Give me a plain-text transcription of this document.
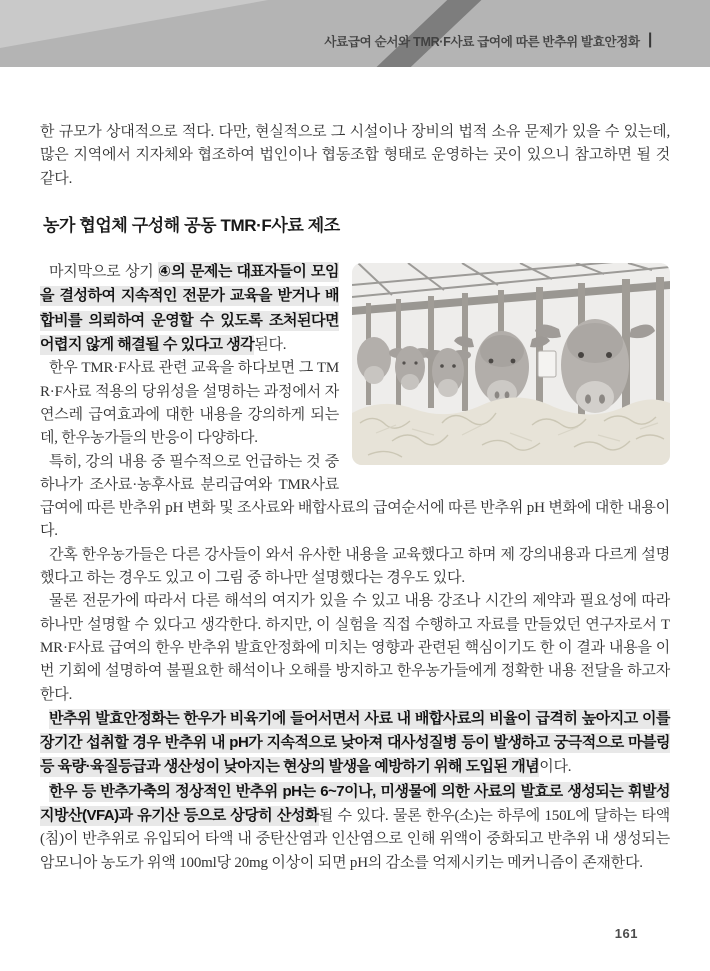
사료급여 순서와 TMR·F사료 급여에 따른 반추위 발효안정화 |

한 규모가 상대적으로 적다. 다만, 현실적으로 그 시설이나 장비의 법적 소유 문제가 있을 수 있는데, 많은 지역에서 지자체와 협조하여 법인이나 협동조합 형태로 운영하는 곳이 있으니 참고하면 될 것 같다.

농가 협업체 구성해 공동 TMR·F사료 제조

마지막으로 상기 ④의 문제는 대표자들이 모임을 결성하여 지속적인 전문가 교육을 받거나 배합비를 의뢰하여 운영할 수 있도록 조처된다면 어렵지 않게 해결될 수 있다고 생각된다.

한우 TMR·F사료 관련 교육을 하다보면 그 TMR·F사료 적용의 당위성을 설명하는 과정에서 자연스레 급여효과에 대한 내용을 강의하게 되는데, 한우농가들의 반응이 다양하다.

특히, 강의 내용 중 필수적으로 언급하는 것 중 하나가 조사료·농후사료 분리급여와 TMR사료 급여에 따른 반추위 pH 변화 및 조사료와 배합사료의 급여순서에 따른 반추위 pH 변화에 대한 내용이다.

간혹 한우농가들은 다른 강사들이 와서 유사한 내용을 교육했다고 하며 제 강의내용과 다르게 설명했다고 하는 경우도 있고 이 그림 중 하나만 설명했다는 경우도 있다.

물론 전문가에 따라서 다른 해석의 여지가 있을 수 있고 내용 강조나 시간의 제약과 필요성에 따라 하나만 설명할 수 있다고 생각한다. 하지만, 이 실험을 직접 수행하고 자료를 만들었던 연구자로서 TMR·F사료 급여의 한우 반추위 발효안정화에 미치는 영향과 관련된 핵심이기도 한 이 결과 내용을 이번 기회에 설명하여 불필요한 해석이나 오해를 방지하고 한우농가들에게 정확한 내용 전달을 하고자 한다.

반추위 발효안정화는 한우가 비육기에 들어서면서 사료 내 배합사료의 비율이 급격히 높아지고 이를 장기간 섭취할 경우 반추위 내 pH가 지속적으로 낮아져 대사성질병 등이 발생하고 궁극적으로 마블링 등 육량·육질등급과 생산성이 낮아지는 현상의 발생을 예방하기 위해 도입된 개념이다.

한우 등 반추가축의 정상적인 반추위 pH는 6~7이나, 미생물에 의한 사료의 발효로 생성되는 휘발성지방산(VFA)과 유기산 등으로 상당히 산성화될 수 있다. 물론 한우(소)는 하루에 150L에 달하는 타액(침)이 반추위로 유입되어 타액 내 중탄산염과 인산염으로 인해 위액이 중화되고 반추위 내 생성되는 암모니아 농도가 위액 100ml당 20mg 이상이 되면 pH의 감소를 억제시키는 메커니즘이 존재한다.

161
